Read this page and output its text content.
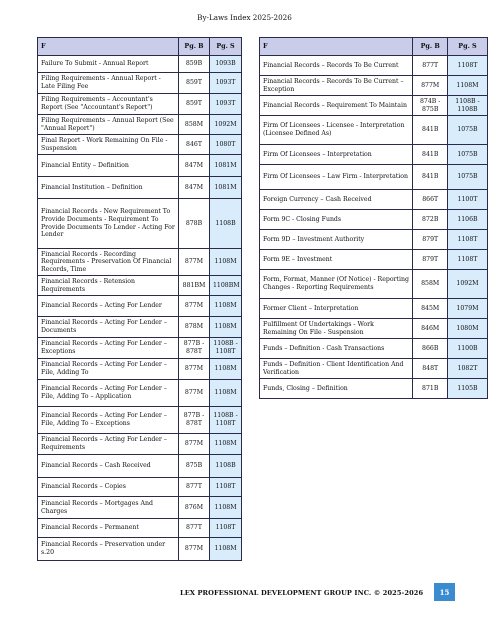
By-Laws Index 2025-2026
F	Pg. B	Pg. S
Failure To Submit - Annual Report	859B	1093B
Filing Requirements - Annual Report - Late Filing Fee	859T	1093T
Filing Requirements – Accountant's Report (See "Accountant's Report")	859T	1093T
Filing Requirements – Annual Report (See "Annual Report")	858M	1092M
Final Report - Work Remaining On File - Suspension	846T	1080T
Financial Entity – Definition	847M	1081M
Financial Institution – Definition	847M	1081M
Financial Records - New Requirement To Provide Documents - Requirement To Provide Documents To Lender - Acting For Lender	878B	1108B
Financial Records - Recording Requirements - Preservation Of Financial Records, Time	877M	1108M
Financial Records - Retension Requirements	881BM	1108BM
Financial Records – Acting For Lender	877M	1108M
Financial Records – Acting For Lender – Documents	878M	1108M
Financial Records – Acting For Lender – Exceptions	877B - 878T	1108B - 1108T
Financial Records – Acting For Lender – File, Adding To	877M	1108M
Financial Records – Acting For Lender – File, Adding To – Application	877M	1108M
Financial Records – Acting For Lender – File, Adding To – Exceptions	877B - 878T	1108B - 1108T
Financial Records – Acting For Lender – Requirements	877M	1108M
Financial Records – Cash Received	875B	1108B
Financial Records – Copies	877T	1108T
Financial Records – Mortgages And Charges	876M	1108M
Financial Records – Permanent	877T	1108T
Financial Records – Preservation under s.20	877M	1108M
F	Pg. B	Pg. S
Financial Records – Records To Be Current	877T	1108T
Financial Records – Records To Be Current – Exception	877M	1108M
Financial Records – Requirement To Maintain	874B - 875B	1108B - 1108B
Firm Of Licensees - Licensee - Interpretation (Licensee Defined As)	841B	1075B
Firm Of Licensees – Interpretation	841B	1075B
Firm Of Licensees – Law Firm - Interpretation	841B	1075B
Foreign Currency – Cash Received	866T	1100T
Form 9C - Closing Funds	872B	1106B
Form 9D – Investment Authority	879T	1108T
Form 9E – Investment	879T	1108T
Form, Format, Manner (Of Notice) - Reporting Changes - Reporting Requirements	858M	1092M
Former Client – Interpretation	845M	1079M
Fulfillment Of Undertakings - Work Remaining On File - Suspension	846M	1080M
Funds – Definition - Cash Transactions	866B	1100B
Funds – Definition - Client Identification And Verification	848T	1082T
Funds, Closing – Definition	871B	1105B
LEX PROFESSIONAL DEVELOPMENT GROUP INC. © 2025-2026	15
